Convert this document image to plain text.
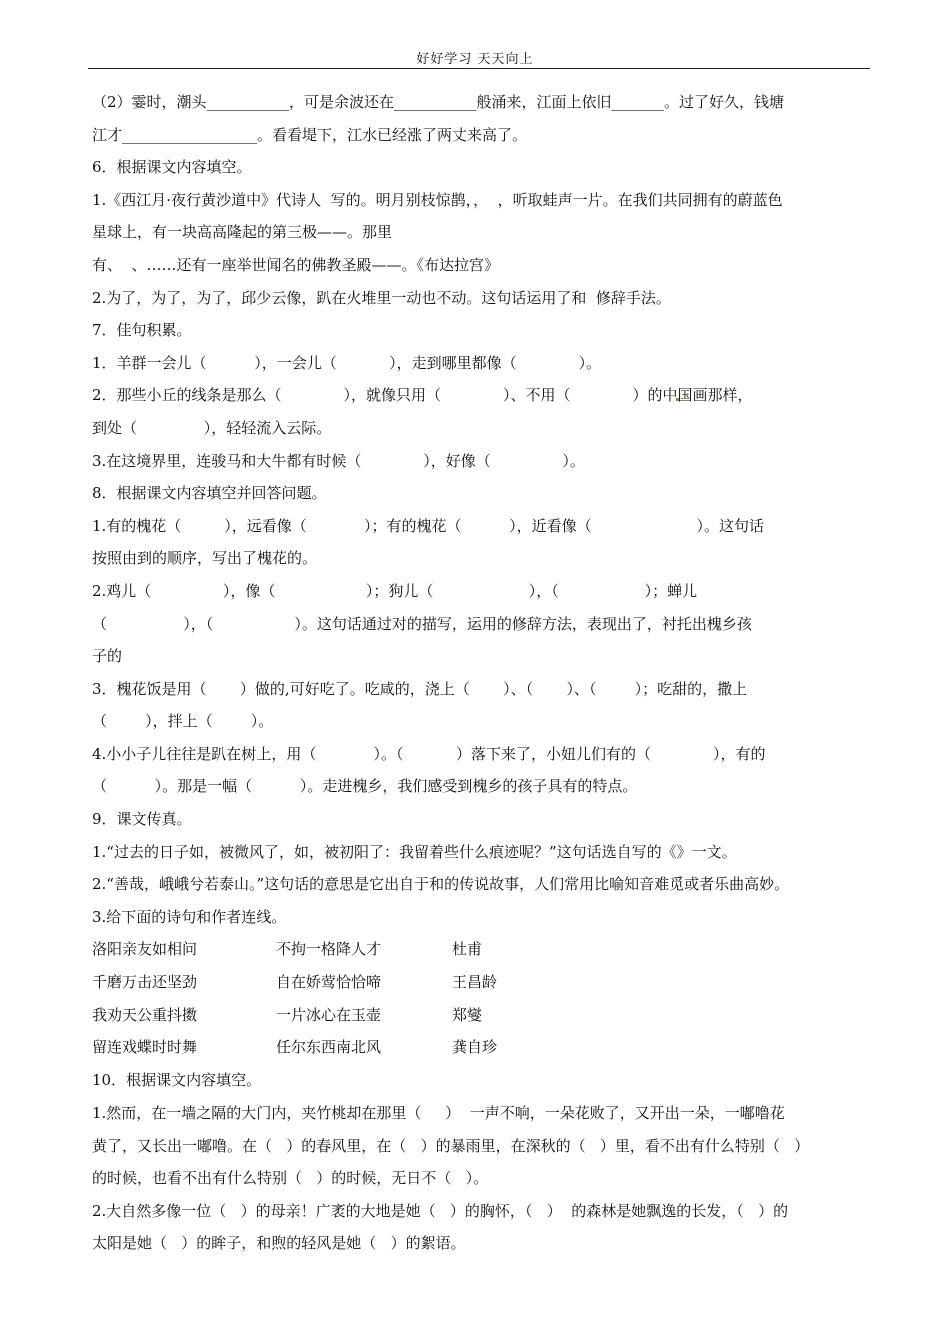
好好学习 天天向上
（2）霎时，潮头___________，可是余波还在___________般涌来，江面上依旧_______。过了好久，钱塘
江才__________________。看看堤下，江水已经涨了两丈来高了。
6．根据课文内容填空。
1.《西江月·夜行黄沙道中》代诗人  写的。明月别枝惊鹊，，  ，听取蛙声一片。在我们共同拥有的蔚蓝色
星球上，有一块高高隆起的第三极——。那里
有、  、……还有一座举世闻名的佛教圣殿——。《布达拉宫》
2.为了，为了，为了，邱少云像，趴在火堆里一动也不动。这句话运用了和  修辞手法。
7．佳句积累。
1．羊群一会儿（          ），一会儿（           ），走到哪里都像（             ）。
2．那些小丘的线条是那么（             ），就像只用（             ）、不用（             ）的中国画那样，
到处（              ），轻轻流入云际。
3.在这境界里，连骏马和大牛都有时候（             ），好像（               ）。
8．根据课文内容填空并回答问题。
1.有的槐花（         ），远看像（            ）；有的槐花（          ），近看像（                      ）。这句话
按照由到的顺序，写出了槐花的。
2.鸡儿（               ），像（                   ）；狗儿（                    ），（                  ）；蝉儿
（                ），（                 ）。这句话通过对的描写，运用的修辞方法，表现出了，衬托出槐乡孩
子的
3．槐花饭是用（       ）做的,可好吃了。吃咸的，浇上（       ）、（       ）、（        ）；吃甜的，撒上
（        ），拌上（        ）。
4.小小子儿往往是趴在树上，用（            ）。（           ）落下来了，小妞儿们有的（             ），有的
（          ）。那是一幅（          ）。走进槐乡，我们感受到槐乡的孩子具有的特点。
9．课文传真。
1.“过去的日子如，被微风了，如，被初阳了：我留着些什么痕迹呢？”这句话选自写的《》一文。
2.“善哉，峨峨兮若泰山。”这句话的意思是它出自于和的传说故事，人们常用比喻知音难觅或者乐曲高妙。
3.给下面的诗句和作者连线。
洛阳亲友如相问	不拘一格降人才	杜甫
千磨万击还坚劲	自在娇莺恰恰啼	王昌龄
我劝天公重抖擞	一片冰心在玉壶	郑燮
留连戏蝶时时舞	任尔东西南北风	龚自珍
10．根据课文内容填空。
1.然而，在一墙之隔的大门内，夹竹桃却在那里（     ）  一声不响，一朵花败了，又开出一朵，一嘟噜花
黄了，又长出一嘟噜。在（   ）的春风里，在（   ）的暴雨里，在深秋的（   ）里，看不出有什么特别（   ）
的时候，也看不出有什么特别（   ）的时候，无日不（   ）。
2.大自然多像一位（   ）的母亲！广袤的大地是她（   ）的胸怀，（   ）  的森林是她飘逸的长发，（   ）的
太阳是她（   ）的眸子，和煦的轻风是她（   ）的絮语。
